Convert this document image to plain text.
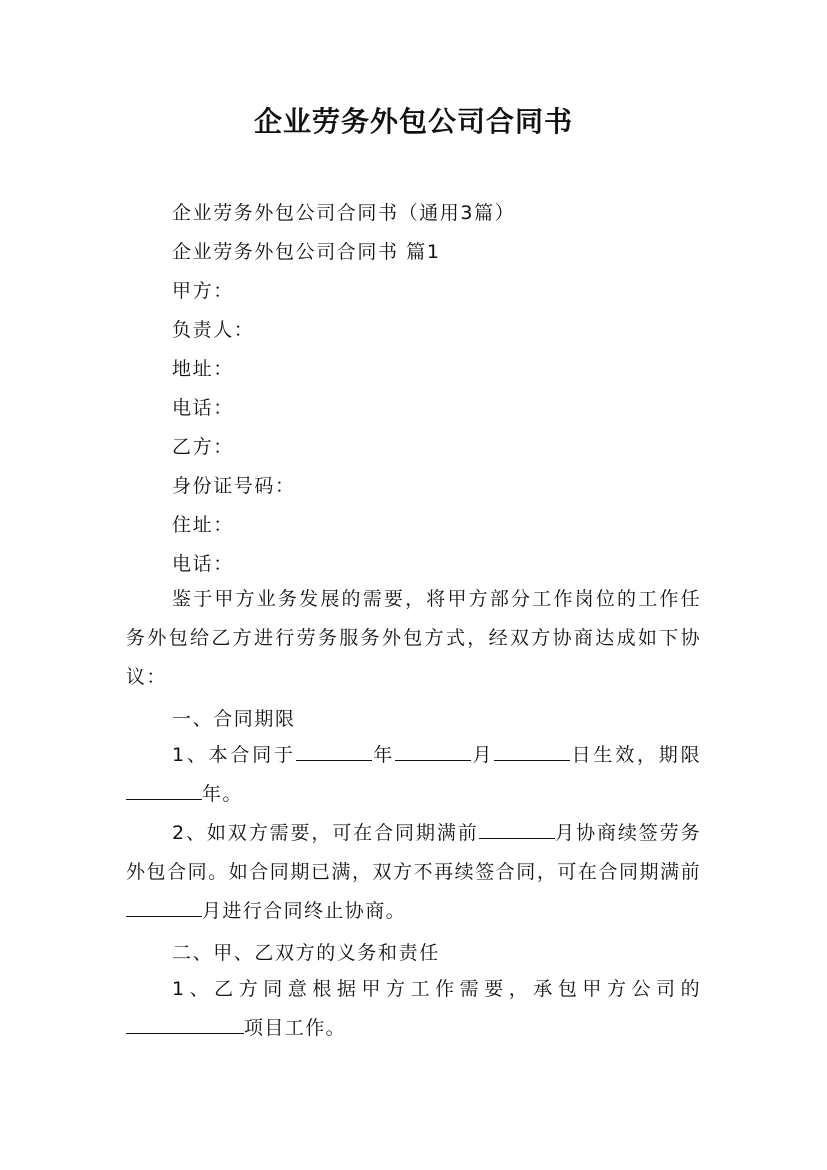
企业劳务外包公司合同书
企业劳务外包公司合同书（通用3篇）
企业劳务外包公司合同书 篇1
甲方：
负责人：
地址：
电话：
乙方：
身份证号码：
住址：
电话：
鉴于甲方业务发展的需要，将甲方部分工作岗位的工作任务外包给乙方进行劳务服务外包方式，经双方协商达成如下协议：
一、合同期限
1、本合同于	年	月	日生效，期限年。
2、如双方需要，可在合同期满前	月协商续签劳务外包合同。如合同期已满，双方不再续签合同，可在合同期满前月进行合同终止协商。
二、甲、乙双方的义务和责任
1、乙方同意根据甲方工作需要，承包甲方公司的项目工作。
